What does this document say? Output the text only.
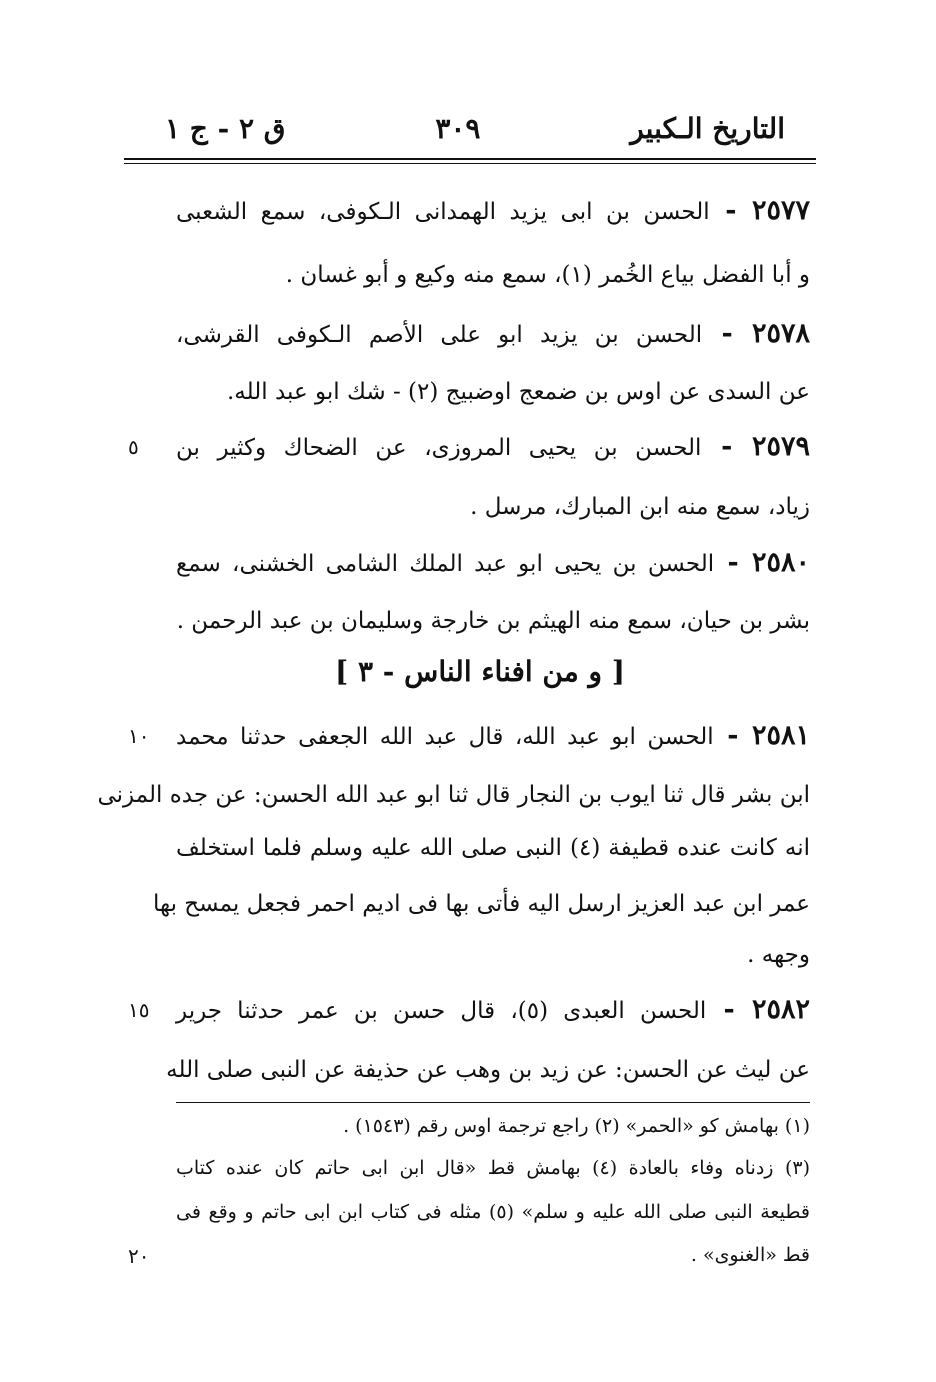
التاريخ الـكبير
٣٠٩
ق ٢ - ج ١
٢٥٧٧ - الحسن بن ابى يزيد الهمدانى الـكوفى، سمع الشعبى
و أبا الفضل بياع الخُمر (١)، سمع منه وكيع و أبو غسان .
٢٥٧٨ - الحسن بن يزيد ابو على الأصم الـكوفى القرشى،
عن السدى عن اوس بن ضمعج اوضبيج (٢) - شك ابو عبد الله.
٢٥٧٩ - الحسن بن يحيى المروزى، عن الضحاك وكثير بن
زياد، سمع منه ابن المبارك، مرسل .
٢٥٨٠ - الحسن بن يحيى ابو عبد الملك الشامى الخشنى، سمع
بشر بن حيان، سمع منه الهيثم بن خارجة وسليمان بن عبد الرحمن .
[ و من افناء الناس - ٣ ]
٢٥٨١ - الحسن ابو عبد الله، قال عبد الله الجعفى حدثنا محمد
ابن بشر قال ثنا ايوب بن النجار قال ثنا ابو عبد الله الحسن: عن جده المزنى
انه كانت عنده قطيفة (٤) النبى صلى الله عليه وسلم فلما استخلف
عمر ابن عبد العزيز ارسل اليه فأتى بها فى اديم احمر فجعل يمسح بها
وجهه .
٢٥٨٢ - الحسن العبدى (٥)، قال حسن بن عمر حدثنا جرير
عن ليث عن الحسن: عن زيد بن وهب عن حذيفة عن النبى صلى الله
٥
١٠
١٥
٢٠
(١) بهامش كو «الحمر» (٢) راجع ترجمة اوس رقم (١٥٤٣) .
(٣) زدناه وفاء بالعادة (٤) بهامش قط «قال ابن ابى حاتم كان عنده كتاب
قطيعة النبى صلى الله عليه و سلم» (٥) مثله فى كتاب ابن ابى حاتم و وقع فى
قط «الغنوى» .
